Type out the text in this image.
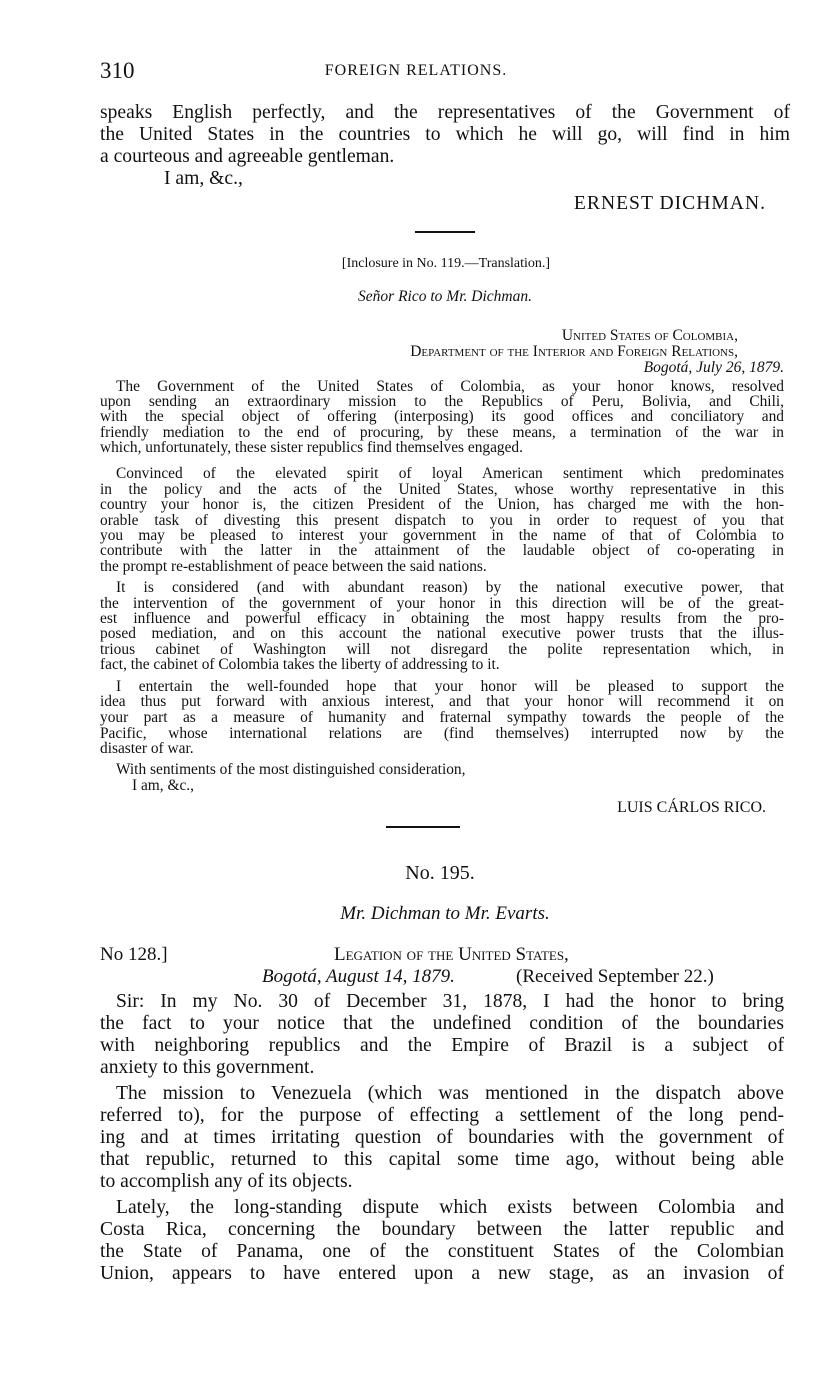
310	FOREIGN RELATIONS.
speaks English perfectly, and the representatives of the Government of
the United States in the countries to which he will go, will find in him
a courteous and agreeable gentleman.
I am, &c.,
ERNEST DICHMAN.
[Inclosure in No. 119.—Translation.]
Señor Rico to Mr. Dichman.
United States of Colombia,
Department of the Interior and Foreign Relations,
Bogotá, July 26, 1879.
The Government of the United States of Colombia, as your honor knows, resolved
upon sending an extraordinary mission to the Republics of Peru, Bolivia, and Chili,
with the special object of offering (interposing) its good offices and conciliatory and
friendly mediation to the end of procuring, by these means, a termination of the war in
which, unfortunately, these sister republics find themselves engaged.
Convinced of the elevated spirit of loyal American sentiment which predominates
in the policy and the acts of the United States, whose worthy representative in this
country your honor is, the citizen President of the Union, has charged me with the hon-
orable task of divesting this present dispatch to you in order to request of you that
you may be pleased to interest your government in the name of that of Colombia to
contribute with the latter in the attainment of the laudable object of co-operating in
the prompt re-establishment of peace between the said nations.
It is considered (and with abundant reason) by the national executive power, that
the intervention of the government of your honor in this direction will be of the great-
est influence and powerful efficacy in obtaining the most happy results from the pro-
posed mediation, and on this account the national executive power trusts that the illus-
trious cabinet of Washington will not disregard the polite representation which, in
fact, the cabinet of Colombia takes the liberty of addressing to it.
I entertain the well-founded hope that your honor will be pleased to support the
idea thus put forward with anxious interest, and that your honor will recommend it on
your part as a measure of humanity and fraternal sympathy towards the people of the
Pacific, whose international relations are (find themselves) interrupted now by the
disaster of war.
With sentiments of the most distinguished consideration,
I am, &c.,
LUIS CÁRLOS RICO.
No. 195.
Mr. Dichman to Mr. Evarts.
No 128.]	Legation of the United States,
Bogotá, August 14, 1879.	(Received September 22.)
Sir: In my No. 30 of December 31, 1878, I had the honor to bring
the fact to your notice that the undefined condition of the boundaries
with neighboring republics and the Empire of Brazil is a subject of
anxiety to this government.
The mission to Venezuela (which was mentioned in the dispatch above
referred to), for the purpose of effecting a settlement of the long pend-
ing and at times irritating question of boundaries with the government of
that republic, returned to this capital some time ago, without being able
to accomplish any of its objects.
Lately, the long-standing dispute which exists between Colombia and
Costa Rica, concerning the boundary between the latter republic and
the State of Panama, one of the constituent States of the Colombian
Union, appears to have entered upon a new stage, as an invasion of
